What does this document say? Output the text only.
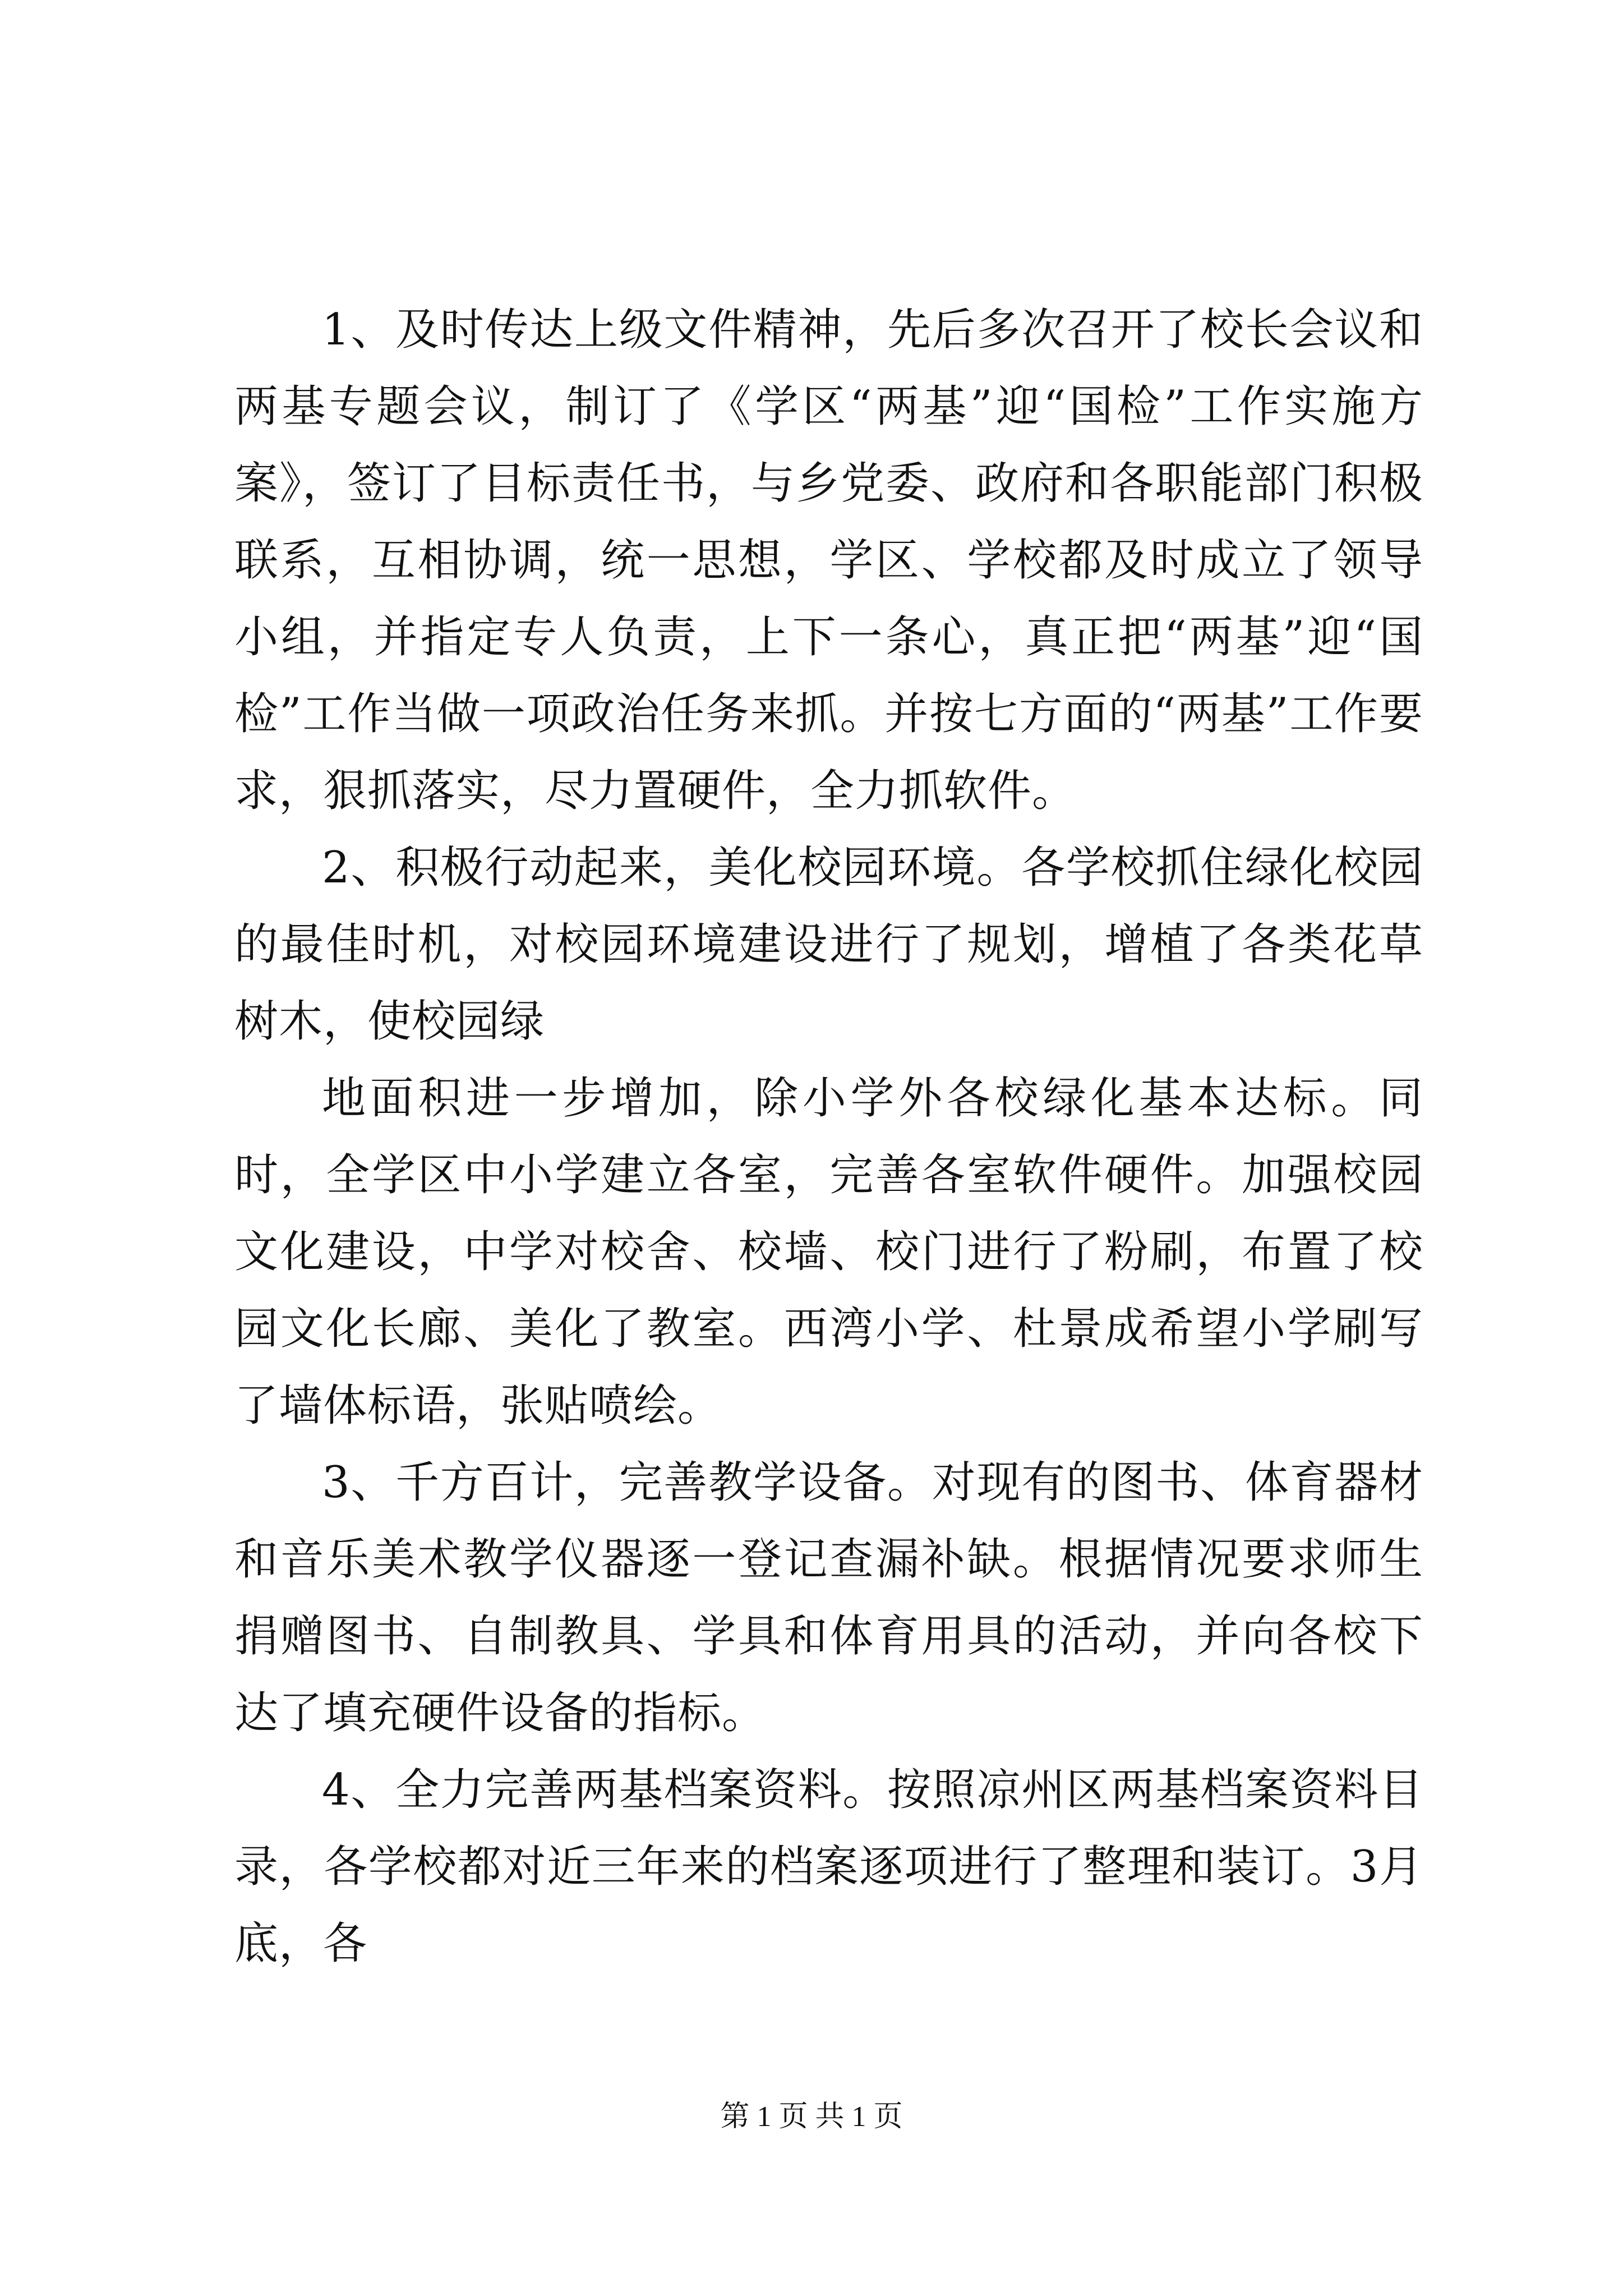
1、及时传达上级文件精神，先后多次召开了校长会议和两基专题会议，制订了《学区“两基”迎“国检”工作实施方案》，签订了目标责任书，与乡党委、政府和各职能部门积极联系，互相协调，统一思想，学区、学校都及时成立了领导小组，并指定专人负责，上下一条心，真正把“两基”迎“国检”工作当做一项政治任务来抓。并按七方面的“两基”工作要求，狠抓落实，尽力置硬件，全力抓软件。

2、积极行动起来，美化校园环境。各学校抓住绿化校园的最佳时机，对校园环境建设进行了规划，增植了各类花草树木，使校园绿

地面积进一步增加，除小学外各校绿化基本达标。同时，全学区中小学建立各室，完善各室软件硬件。加强校园文化建设，中学对校舍、校墙、校门进行了粉刷，布置了校园文化长廊、美化了教室。西湾小学、杜景成希望小学刷写了墙体标语，张贴喷绘。

3、千方百计，完善教学设备。对现有的图书、体育器材和音乐美术教学仪器逐一登记查漏补缺。根据情况要求师生捐赠图书、自制教具、学具和体育用具的活动，并向各校下达了填充硬件设备的指标。

4、全力完善两基档案资料。按照凉州区两基档案资料目录，各学校都对近三年来的档案逐项进行了整理和装订。3月底，各

第 1 页 共 1 页
